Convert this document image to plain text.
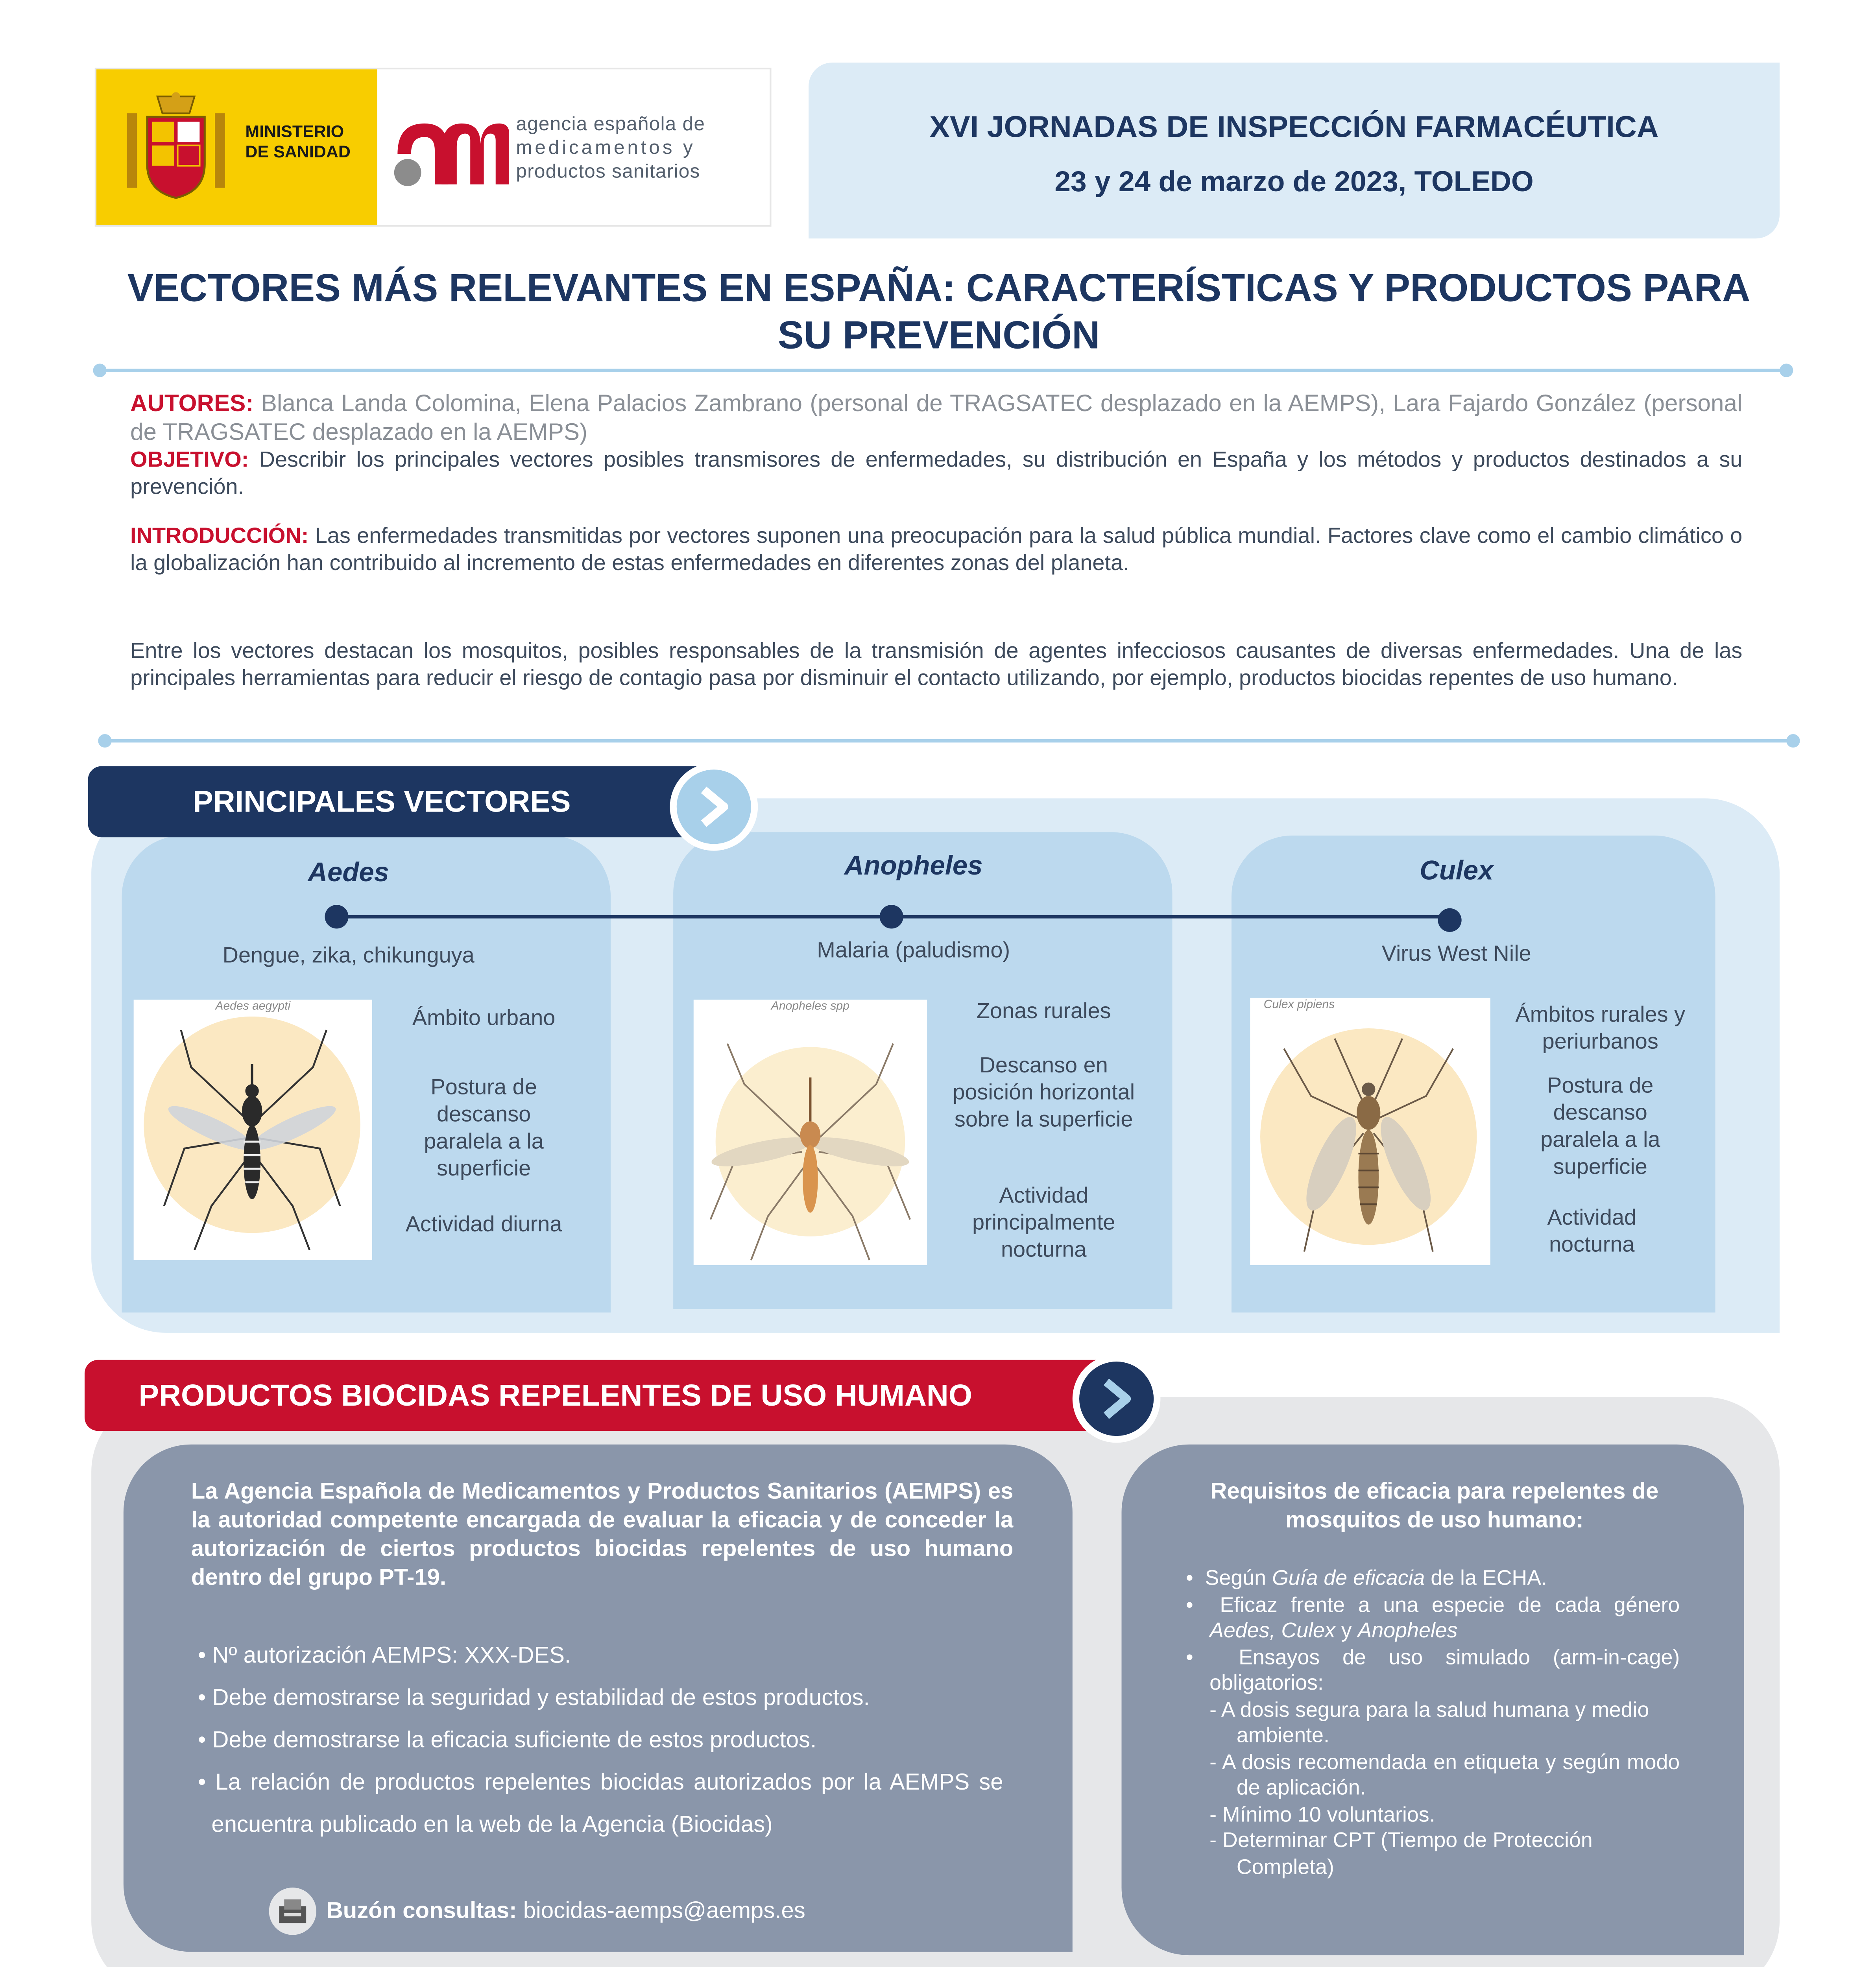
MINISTERIO
DE SANIDAD
agencia española de
medicamentos y
productos sanitarios
XVI JORNADAS DE INSPECCIÓN FARMACÉUTICA
23 y 24 de marzo de 2023, TOLEDO
VECTORES MÁS RELEVANTES EN ESPAÑA: CARACTERÍSTICAS Y PRODUCTOS PARA SU PREVENCIÓN
AUTORES: Blanca Landa Colomina, Elena Palacios Zambrano (personal de TRAGSATEC desplazado en la AEMPS), Lara Fajardo González (personal de TRAGSATEC desplazado en la AEMPS)
OBJETIVO: Describir los principales vectores posibles transmisores de enfermedades, su distribución en España y los métodos y productos destinados a su prevención.
INTRODUCCIÓN: Las enfermedades transmitidas por vectores suponen una preocupación para la salud pública mundial. Factores clave como el cambio climático o la globalización han contribuido al incremento de estas enfermedades en diferentes zonas del planeta.
Entre los vectores destacan los mosquitos, posibles responsables de la transmisión de agentes infecciosos causantes de diversas enfermedades. Una de las principales herramientas para reducir el riesgo de contagio pasa por disminuir el contacto utilizando, por ejemplo, productos biocidas repentes de uso humano.
PRINCIPALES VECTORES
Aedes
Dengue, zika, chikunguya
Aedes aegypti	Ámbito urbano
Postura de descanso paralela a la superficie
Actividad diurna
Anopheles
Malaria (paludismo)
Anopheles spp	Zonas rurales
Descanso en posición horizontal sobre la superficie
Actividad principalmente nocturna
Culex
Virus West Nile
Culex pipiens	Ámbitos rurales y periurbanos
Postura de descanso paralela a la superficie
Actividad nocturna
PRODUCTOS BIOCIDAS REPELENTES DE USO HUMANO
La Agencia Española de Medicamentos y Productos Sanitarios (AEMPS) es la autoridad competente encargada de evaluar la eficacia y de conceder la autorización de ciertos productos biocidas repelentes de uso humano dentro del grupo PT-19.
• Nº autorización AEMPS: XXX-DES.
• Debe demostrarse la seguridad y estabilidad de estos productos.
• Debe demostrarse la eficacia suficiente de estos productos.
• La relación de productos repelentes biocidas autorizados por la AEMPS se encuentra publicado en la web de la Agencia (Biocidas)
Buzón consultas: biocidas-aemps@aemps.es
Requisitos de eficacia para repelentes de mosquitos de uso humano:
•  Según Guía de eficacia de la ECHA.
•  Eficaz frente a una especie de cada género Aedes, Culex y Anopheles
•  Ensayos de uso simulado (arm-in-cage) obligatorios:
- A dosis segura para la salud humana y medio ambiente.
- A dosis recomendada en etiqueta y según modo de aplicación.
- Mínimo 10 voluntarios.
- Determinar CPT (Tiempo de Protección Completa)
